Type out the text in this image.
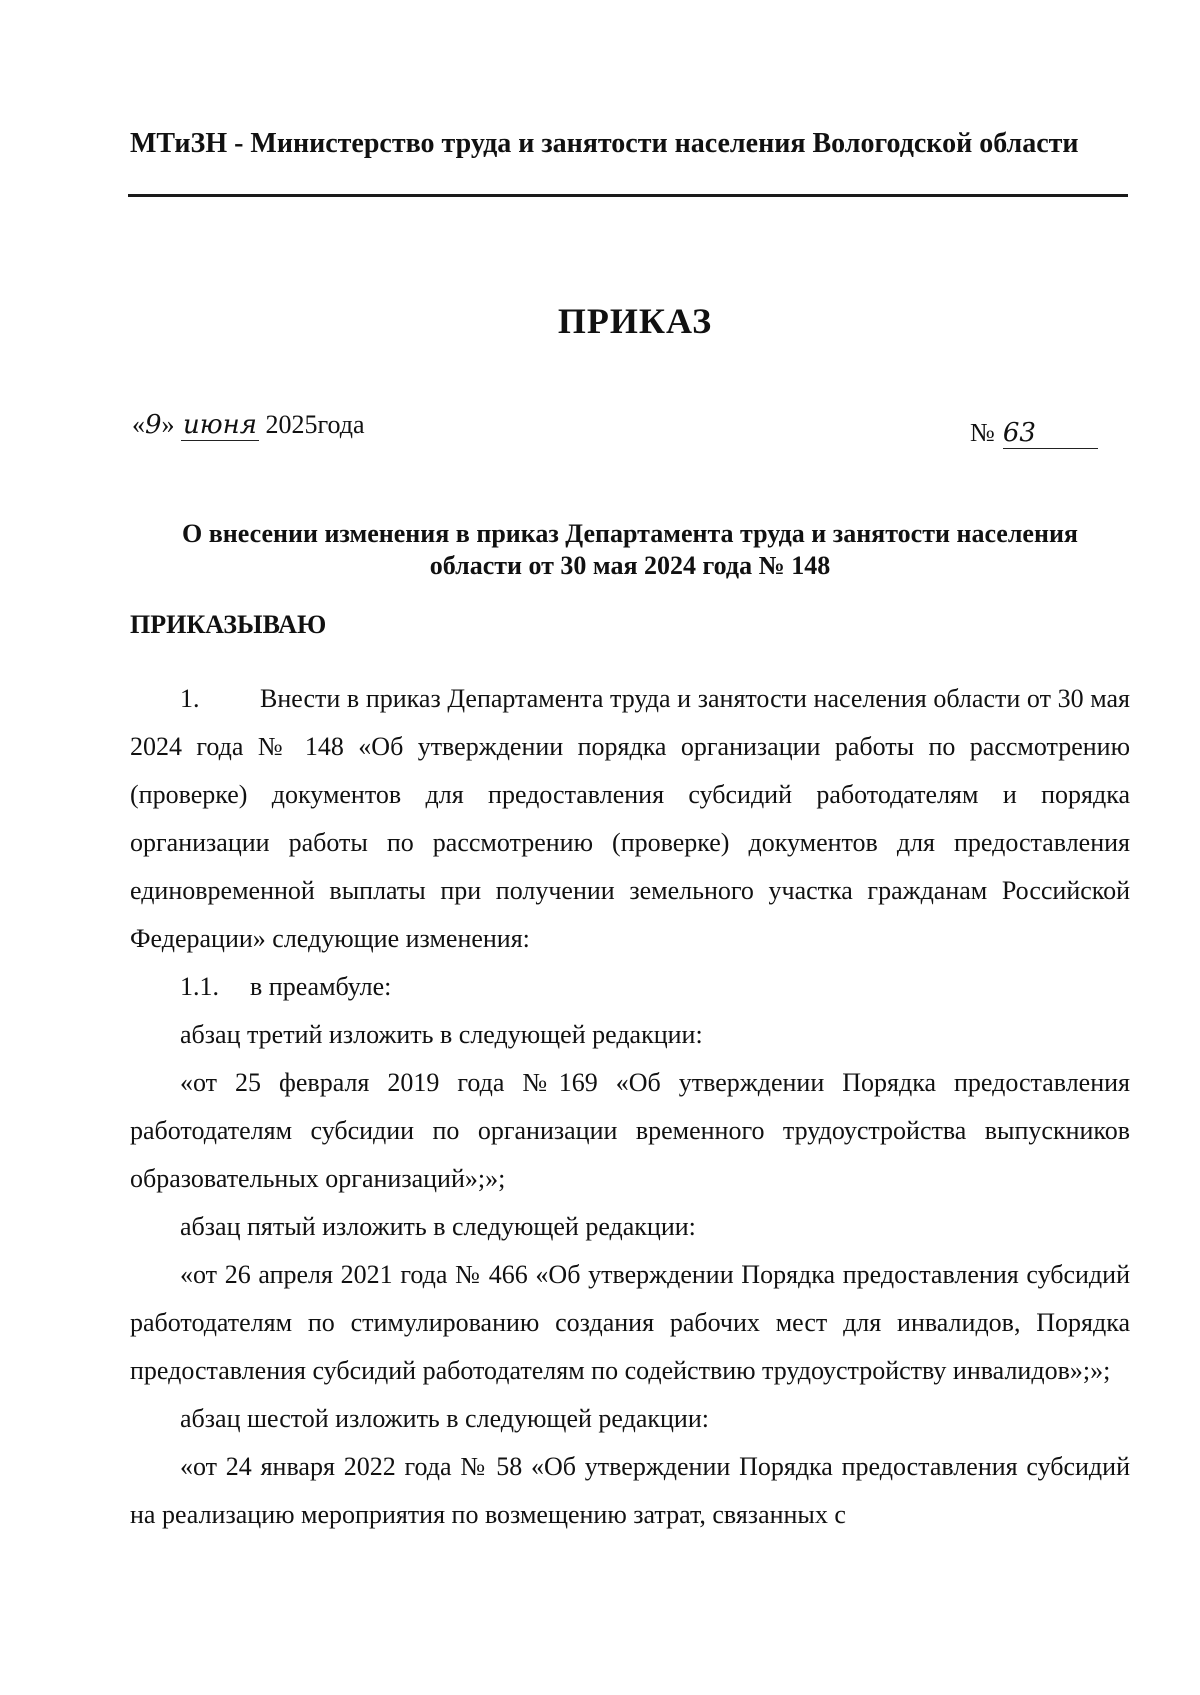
МТиЗН - Министерство труда и занятости населения Вологодской области
ПРИКАЗ
«9» июня 2025года	№ 63
О внесении изменения в приказ Департамента труда и занятости населения
области от 30 мая 2024 года № 148
ПРИКАЗЫВАЮ

1. Внести в приказ Департамента труда и занятости населения области от 30 мая 2024 года № 148 «Об утверждении порядка организации работы по рассмотрению (проверке) документов для предоставления субсидий работодателям и порядка организации работы по рассмотрению (проверке) документов для предоставления единовременной выплаты при получении земельного участка гражданам Российской Федерации» следующие изменения:

1.1. в преамбуле:

абзац третий изложить в следующей редакции:

«от 25 февраля 2019 года №169 «Об утверждении Порядка предоставления работодателям субсидии по организации временного трудоустройства выпускников образовательных организаций»;»;

абзац пятый изложить в следующей редакции:

«от 26 апреля 2021 года № 466 «Об утверждении Порядка предоставления субсидий работодателям по стимулированию создания рабочих мест для инвалидов, Порядка предоставления субсидий работодателям по содействию трудоустройству инвалидов»;»;

абзац шестой изложить в следующей редакции:

«от 24 января 2022 года № 58 «Об утверждении Порядка предоставления субсидий на реализацию мероприятия по возмещению затрат, связанных с
